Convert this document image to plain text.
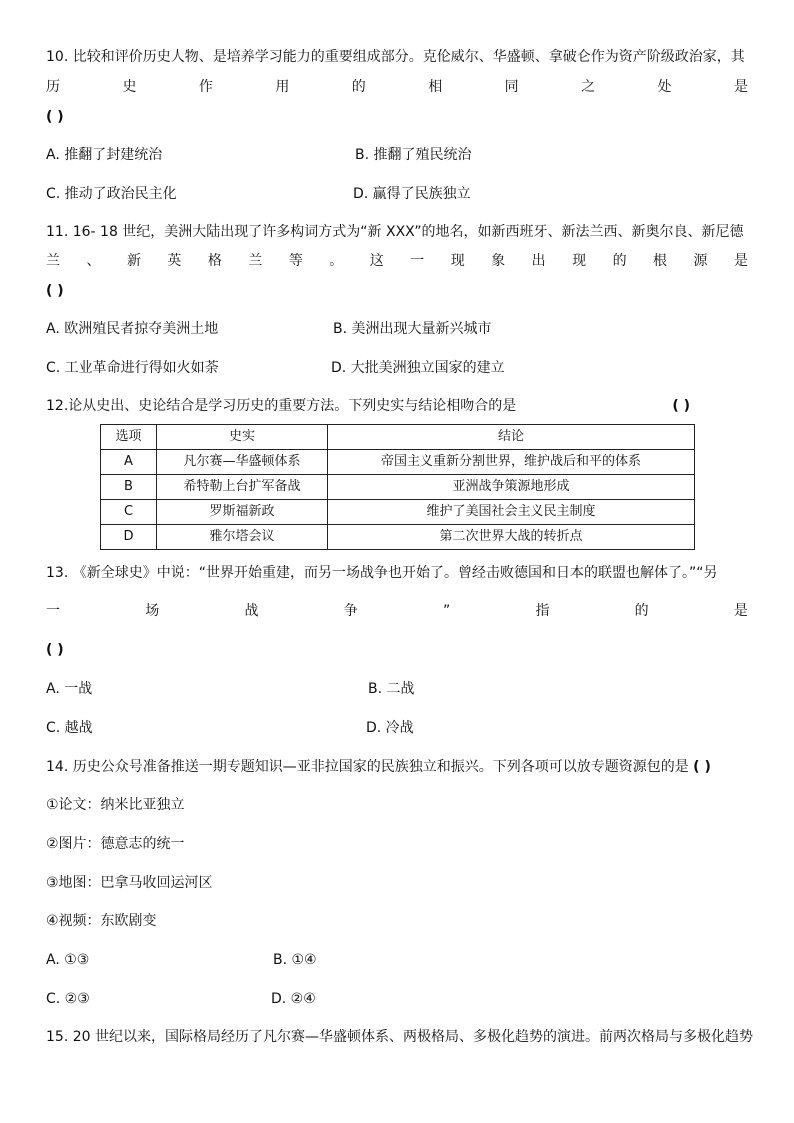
10. 比较和评价历史人物、是培养学习能力的重要组成部分。克伦威尔、华盛顿、拿破仑作为资产阶级政治家，其
历	史	作	用	的	相	同	之	处	是
( )
A. 推翻了封建统治	B. 推翻了殖民统治
C. 推动了政治民主化	D. 赢得了民族独立
11. 16- 18 世纪，美洲大陆出现了许多构词方式为“新 XXX”的地名，如新西班牙、新法兰西、新奥尔良、新尼德
兰 、 新 英 格 兰 等 。 这 一 现 象 出 现 的 根 源 是
( )
A. 欧洲殖民者掠夺美洲土地	B. 美洲出现大量新兴城市
C. 工业革命进行得如火如荼	D. 大批美洲独立国家的建立
12.论从史出、史论结合是学习历史的重要方法。下列史实与结论相吻合的是	( )
选项	史实	结论
A	凡尔赛—华盛顿体系	帝国主义重新分割世界，维护战后和平的体系
B	希特勒上台扩军备战	亚洲战争策源地形成
C	罗斯福新政	维护了美国社会主义民主制度
D	雅尔塔会议	第二次世界大战的转折点
13. 《新全球史》中说：“世界开始重建，而另一场战争也开始了。曾经击败德国和日本的联盟也解体了。”“另
一	场	战	争	”	指	的	是
( )
A. 一战	B. 二战
C. 越战	D. 冷战
14. 历史公众号准备推送一期专题知识—亚非拉国家的民族独立和振兴。下列各项可以放专题资源包的是 ( )
①论文：纳米比亚独立
②图片：德意志的统一
③地图：巴拿马收回运河区
④视频：东欧剧变
A. ①③	B. ①④
C. ②③	D. ②④
15. 20 世纪以来，国际格局经历了凡尔赛—华盛顿体系、两极格局、多极化趋势的演进。前两次格局与多极化趋势
